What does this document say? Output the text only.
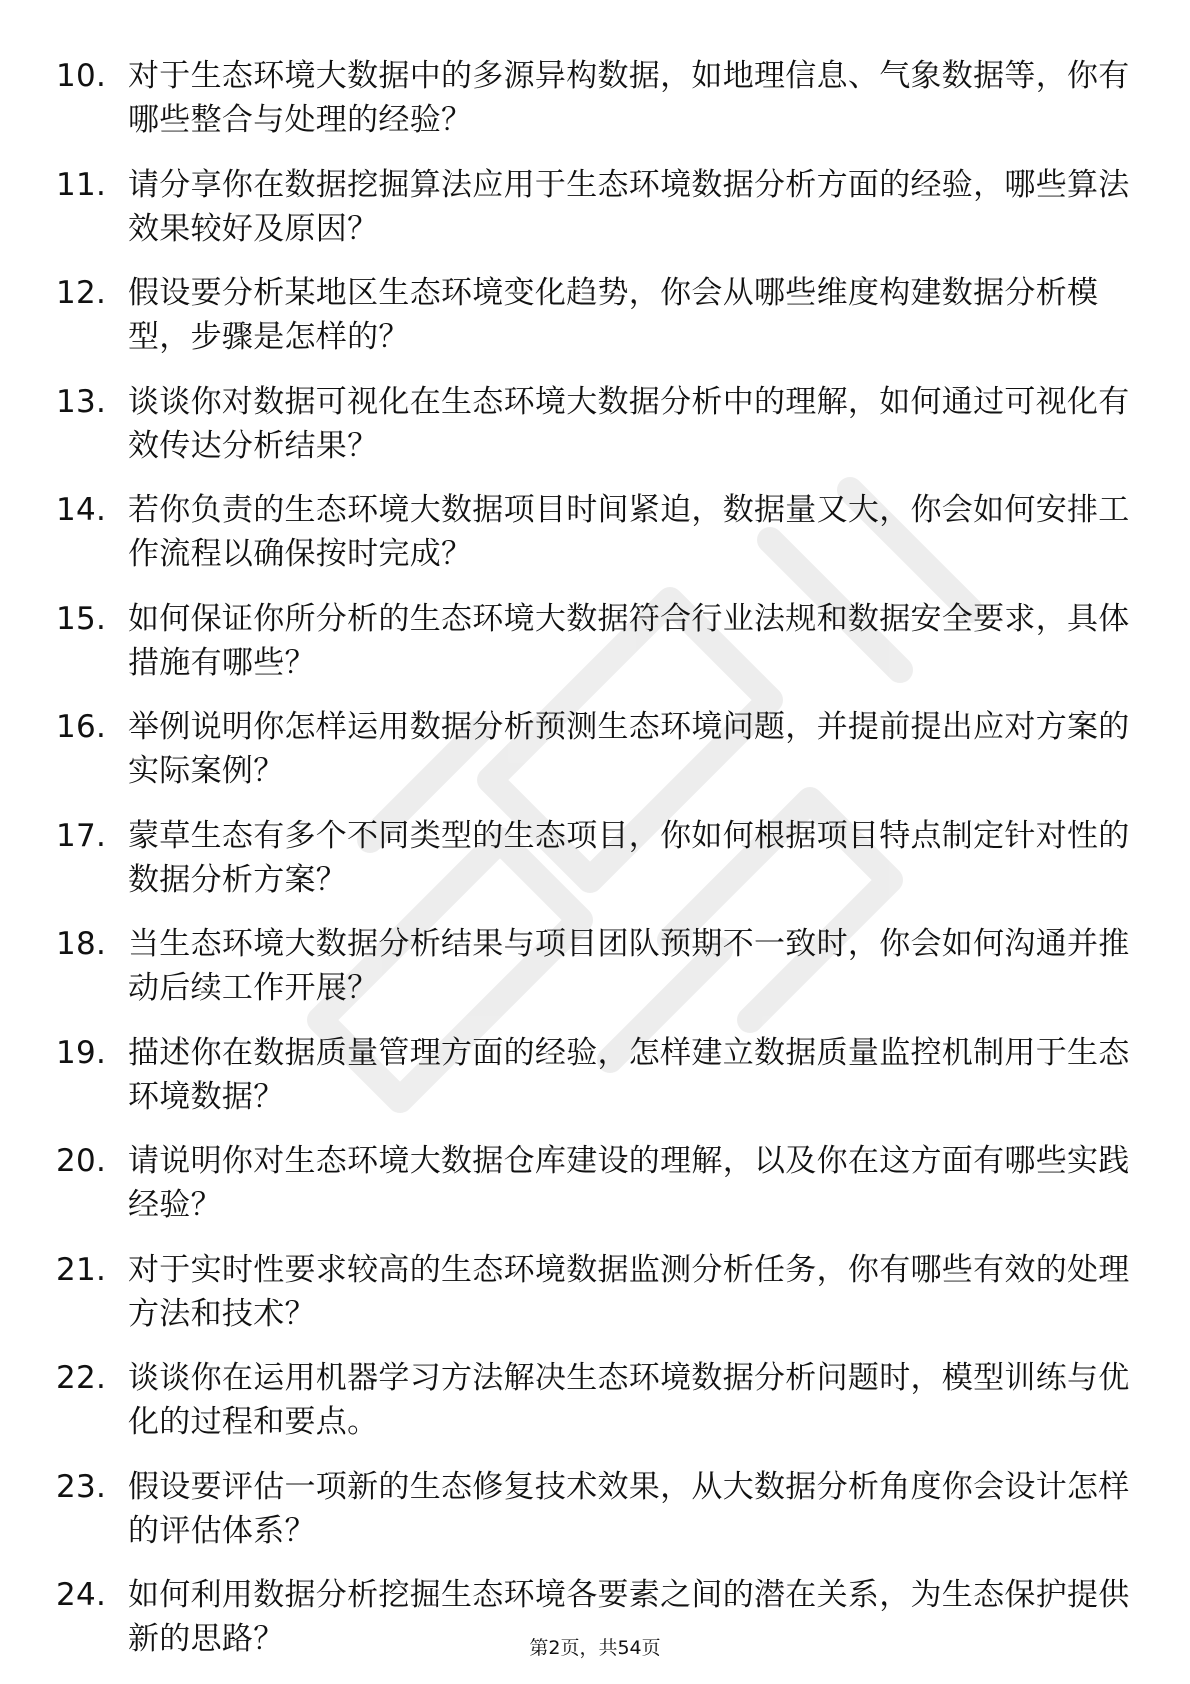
10. 对于生态环境大数据中的多源异构数据，如地理信息、气象数据等，你有哪些整合与处理的经验？
11. 请分享你在数据挖掘算法应用于生态环境数据分析方面的经验，哪些算法效果较好及原因？
12. 假设要分析某地区生态环境变化趋势，你会从哪些维度构建数据分析模型，步骤是怎样的？
13. 谈谈你对数据可视化在生态环境大数据分析中的理解，如何通过可视化有效传达分析结果？
14. 若你负责的生态环境大数据项目时间紧迫，数据量又大，你会如何安排工作流程以确保按时完成？
15. 如何保证你所分析的生态环境大数据符合行业法规和数据安全要求，具体措施有哪些？
16. 举例说明你怎样运用数据分析预测生态环境问题，并提前提出应对方案的实际案例？
17. 蒙草生态有多个不同类型的生态项目，你如何根据项目特点制定针对性的数据分析方案？
18. 当生态环境大数据分析结果与项目团队预期不一致时，你会如何沟通并推动后续工作开展？
19. 描述你在数据质量管理方面的经验，怎样建立数据质量监控机制用于生态环境数据？
20. 请说明你对生态环境大数据仓库建设的理解，以及你在这方面有哪些实践经验？
21. 对于实时性要求较高的生态环境数据监测分析任务，你有哪些有效的处理方法和技术？
22. 谈谈你在运用机器学习方法解决生态环境数据分析问题时，模型训练与优化的过程和要点。
23. 假设要评估一项新的生态修复技术效果，从大数据分析角度你会设计怎样的评估体系？
24. 如何利用数据分析挖掘生态环境各要素之间的潜在关系，为生态保护提供新的思路？	第2页，共54页
